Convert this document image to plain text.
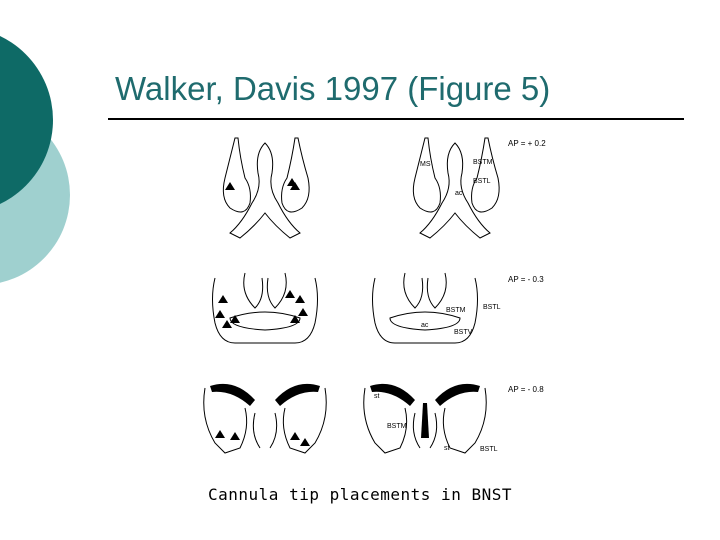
Walker, Davis 1997 (Figure 5)
MS	BSTM
BSTL
ac
BSTM	BSTL
ac
BSTV
st
BSTM
st	BSTL
AP = + 0.2
AP = - 0.3
AP = - 0.8
Cannula tip placements in BNST
